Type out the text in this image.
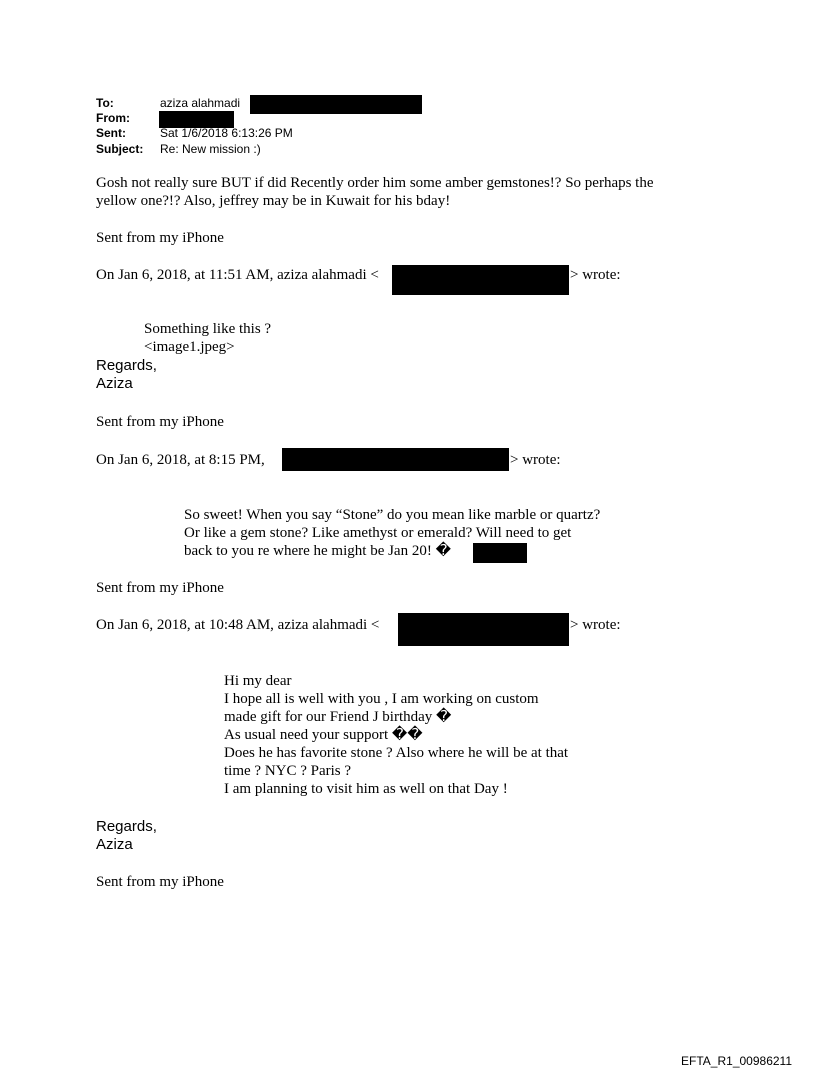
To:	aziza alahmadi	)
From:
Sent:	Sat 1/6/2018 6:13:26 PM
Subject: Re: New mission :)
Gosh not really sure BUT if did Recently order him some amber gemstones!? So perhaps the
yellow one?!? Also, jeffrey may be in Kuwait for his bday!
Sent from my iPhone
On Jan 6, 2018, at 11:51 AM, aziza alahmadi <	> wrote:
Something like this ?
<image1.jpeg>
Regards,
Aziza
Sent from my iPhone
On Jan 6, 2018, at 8:15 PM,	> wrote:
So sweet! When you say “Stone” do you mean like marble or quartz?
Or like a gem stone? Like amethyst or emerald? Will need to get
back to you re where he might be Jan 20! �
Sent from my iPhone
On Jan 6, 2018, at 10:48 AM, aziza alahmadi <	> wrote:
Hi my dear
I hope all is well with you , I am working on custom
made gift for our Friend J birthday �
As usual need your support ��
Does he has favorite stone ? Also where he will be at that
time ? NYC ? Paris ?
I am planning to visit him as well on that Day !
Regards,
Aziza
Sent from my iPhone
EFTA_R1_00986211
